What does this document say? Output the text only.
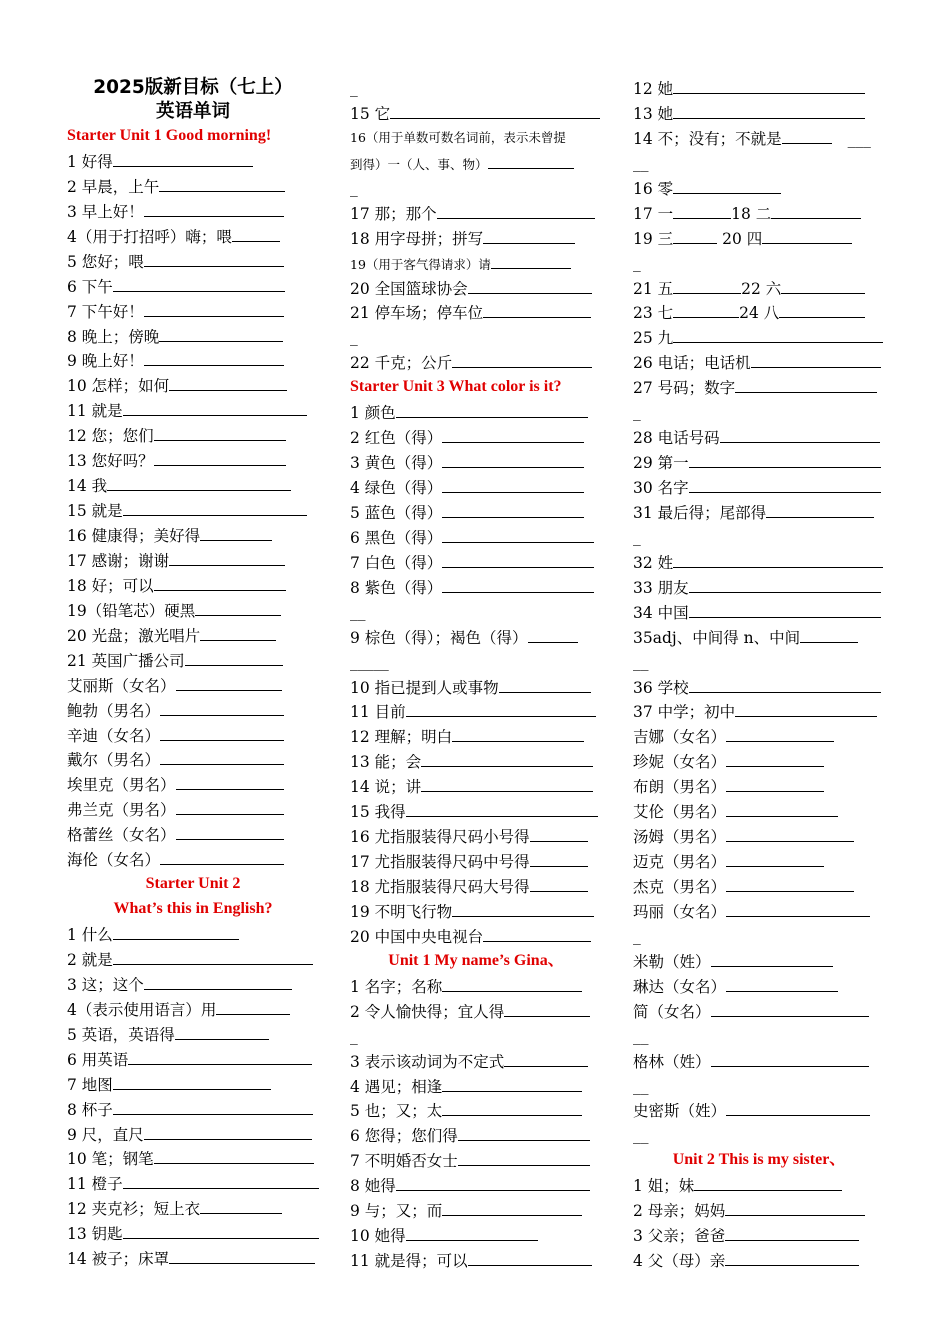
2025版新目标（七上）
英语单词
Starter Unit 1 Good morning!
1 好得
2 早晨，上午
3 早上好！
4（用于打招呼）嗨；喂
5 您好；喂
6 下午
7 下午好！
8 晚上；傍晚
9 晚上好！
10 怎样；如何
11 就是
12 您；您们
13 您好吗？
14 我
15 就是
16 健康得；美好得
17 感谢；谢谢
18 好；可以
19（铅笔芯）硬黑
20 光盘；激光唱片
21 英国广播公司
艾丽斯（女名）
鲍勃（男名）
辛迪（女名）
戴尔（男名）
埃里克（男名）
弗兰克（男名）
格蕾丝（女名）
海伦（女名）
Starter Unit 2
What’s this in English?
1 什么
2 就是
3 这；这个
4（表示使用语言）用
5 英语，英语得
6 用英语
7 地图
8 杯子
9 尺，直尺
10 笔；钢笔
11 橙子
12 夹克衫；短上衣
13 钥匙
14 被子；床罩
_
15 它
16（用于单数可数名词前，表示未曾提
到得）一（人、事、物）
_
17 那；那个
18 用字母拼；拼写
19（用于客气得请求）请
20 全国篮球协会
21 停车场；停车位
_
22 千克；公斤
Starter Unit 3 What color is it?
1 颜色
2 红色（得）
3 黄色（得）
4 绿色（得）
5 蓝色（得）
6 黑色（得）
7 白色（得）
8 紫色（得）
__
9 棕色（得）；褐色（得）
_____
10 指已提到人或事物
11 目前
12 理解；明白
13 能；会
14 说；讲
15 我得
16 尤指服装得尺码小号得
17 尤指服装得尺码中号得
18 尤指服装得尺码大号得
19 不明飞行物
20 中国中央电视台
Unit 1 My name’s Gina、
1 名字；名称
2 令人愉快得；宜人得
_
3 表示该动词为不定式
4 遇见；相逢
5 也；又；太
6 您得；您们得
7 不明婚否女士
8 她得
9 与；又；而
10 她得
11 就是得；可以
12 她
13 她
14 不；没有；不就是	___
__
16 零
17 一	18 二
19 三	20 四
_
21 五	22 六
23 七	24 八
25 九
26 电话；电话机
27 号码；数字
_
28 电话号码
29 第一
30 名字
31 最后得；尾部得
_
32 姓
33 朋友
34 中国
35adj、中间得 n、中间
__
36 学校
37 中学；初中
吉娜（女名）
珍妮（女名）
布朗（男名）
艾伦（男名）
汤姆（男名）
迈克（男名）
杰克（男名）
玛丽（女名）
_
米勒（姓）
琳达（女名）
简（女名）
__
格林（姓）
__
史密斯（姓）
__
Unit 2 This is my sister、
1 姐；妹
2 母亲；妈妈
3 父亲；爸爸
4 父（母）亲
